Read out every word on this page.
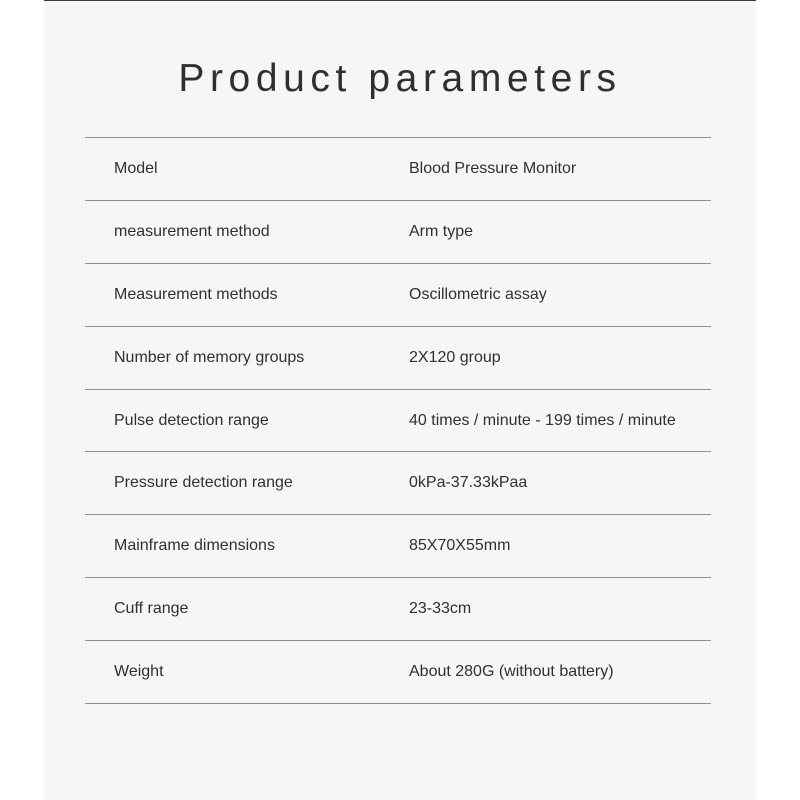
Product parameters
Model	Blood Pressure Monitor
measurement method	Arm type
Measurement methods	Oscillometric assay
Number of memory groups	2X120 group
Pulse detection range	40 times / minute - 199 times / minute
Pressure detection range	0kPa-37.33kPaa
Mainframe dimensions	85X70X55mm
Cuff range	23-33cm
Weight	About 280G (without battery)
